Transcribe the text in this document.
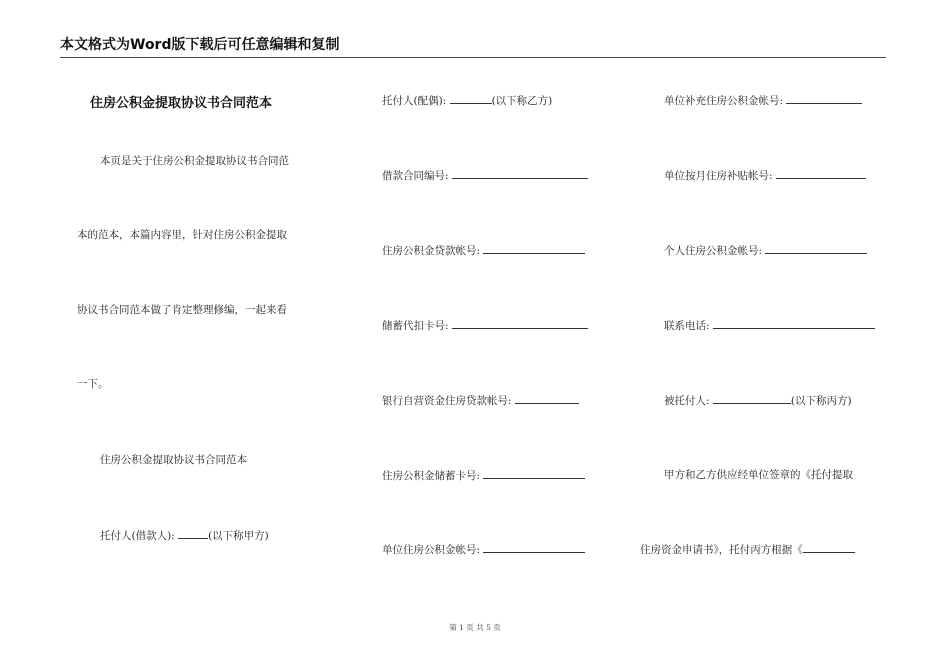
本文格式为Word版下载后可任意编辑和复制
住房公积金提取协议书合同范本
本页是关于住房公积金提取协议书合同范
本的范本，本篇内容里，针对住房公积金提取
协议书合同范本做了肯定整理修编，一起来看
一下。
住房公积金提取协议书合同范本
托付人(借款人):	(以下称甲方)
托付人(配偶):	(以下称乙方)
借款合同编号:
住房公积金贷款帐号:
储蓄代扣卡号:
银行自营资金住房贷款帐号:
住房公积金储蓄卡号:
单位住房公积金帐号:
单位补充住房公积金帐号:
单位按月住房补贴帐号:
个人住房公积金帐号:
联系电话:
被托付人:	(以下称丙方)
甲方和乙方供应经单位签章的《托付提取
住房资金申请书》，托付丙方根据《
第 1 页 共 5 页
